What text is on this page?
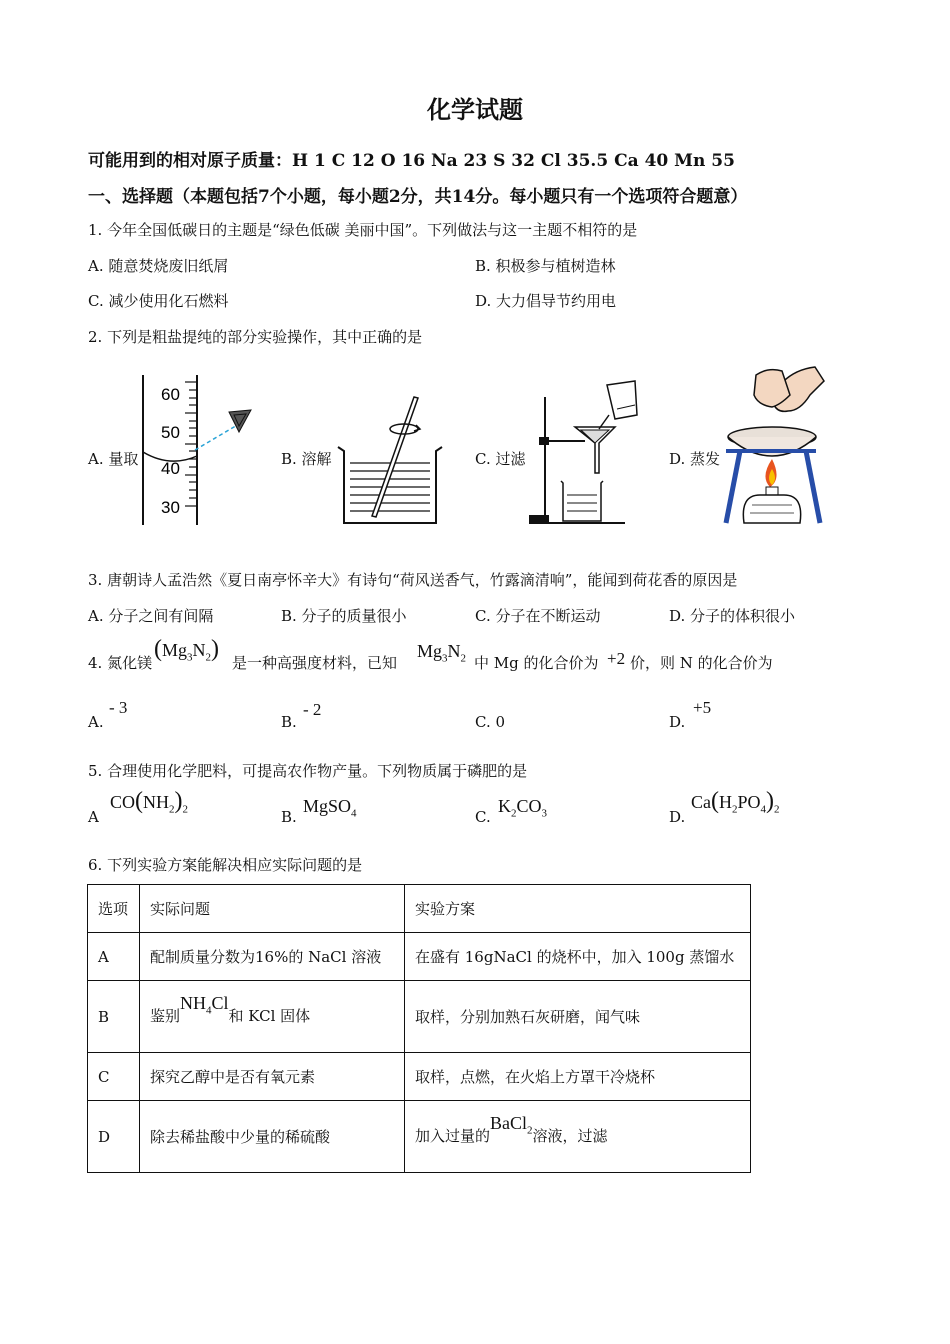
化学试题
可能用到的相对原子质量：H 1 C 12 O 16 Na 23 S 32 Cl 35.5 Ca 40 Mn 55
一、选择题（本题包括7个小题，每小题2分，共14分。每小题只有一个选项符合题意）
1. 今年全国低碳日的主题是“绿色低碳 美丽中国”。下列做法与这一主题不相符的是
A. 随意焚烧废旧纸屑	B. 积极参与植树造林
C. 减少使用化石燃料	D. 大力倡导节约用电
2. 下列是粗盐提纯的部分实验操作，其中正确的是
A. 量取	B. 溶解	C. 过滤	D. 蒸发
60
50
40
30
3. 唐朝诗人孟浩然《夏日南亭怀辛大》有诗句“荷风送香气，竹露滴清响”，能闻到荷花香的原因是
A. 分子之间有间隔	B. 分子的质量很小	C. 分子在不断运动	D. 分子的体积很小
4. 氮化镁
$(Mg_3N_2)$
是一种高强度材料，已知
$Mg_3N_2$ 中 Mg 的化合价为 +2 价，则 N 的化合价为
A.
- 3
B.
- 2
C. 0	D.
+5
5. 合理使用化学肥料，可提高农作物产量。下列物质属于磷肥的是
A
$CO(NH_2)_2$	B.
MgSO$_4$	C.
$K_2CO_3$	D.
$Ca(H_2PO_4)_2$
6. 下列实验方案能解决相应实际问题的是
选项	实际问题	实验方案
A	配制质量分数为16%的 NaCl 溶液	在盛有 16gNaCl 的烧杯中，加入 100g 蒸馏水
B	鉴别$NH_4Cl$和 KCl 固体	取样，分别加熟石灰研磨，闻气味
C	探究乙醇中是否有氧元素	取样，点燃，在火焰上方罩干冷烧杯
D	除去稀盐酸中少量的稀硫酸	加入过量的BaCl$_2$溶液，过滤
